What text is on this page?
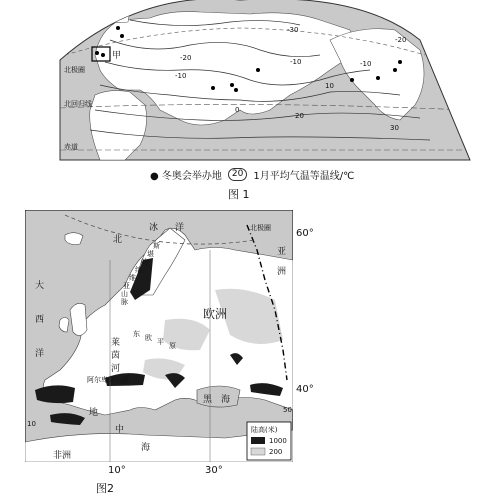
甲
-30
-20
-20
-10
-10
-10
10
20
30
0
北极圈
北回归线
赤道
● 冬奥会举办地	20	1月平均气温等温线/℃
图 1
北
冰 洋
斯
堪
的
纳
维
亚
山
脉
北极圈
亚
洲
大
西
洋
欧洲
东 欧 平 原
莱
茵
河
阿尔卑斯山脉
黑　海
地
中
海
非洲
50
10
陆高(米)
1000
200
60°
40°
10°	30°
图2
